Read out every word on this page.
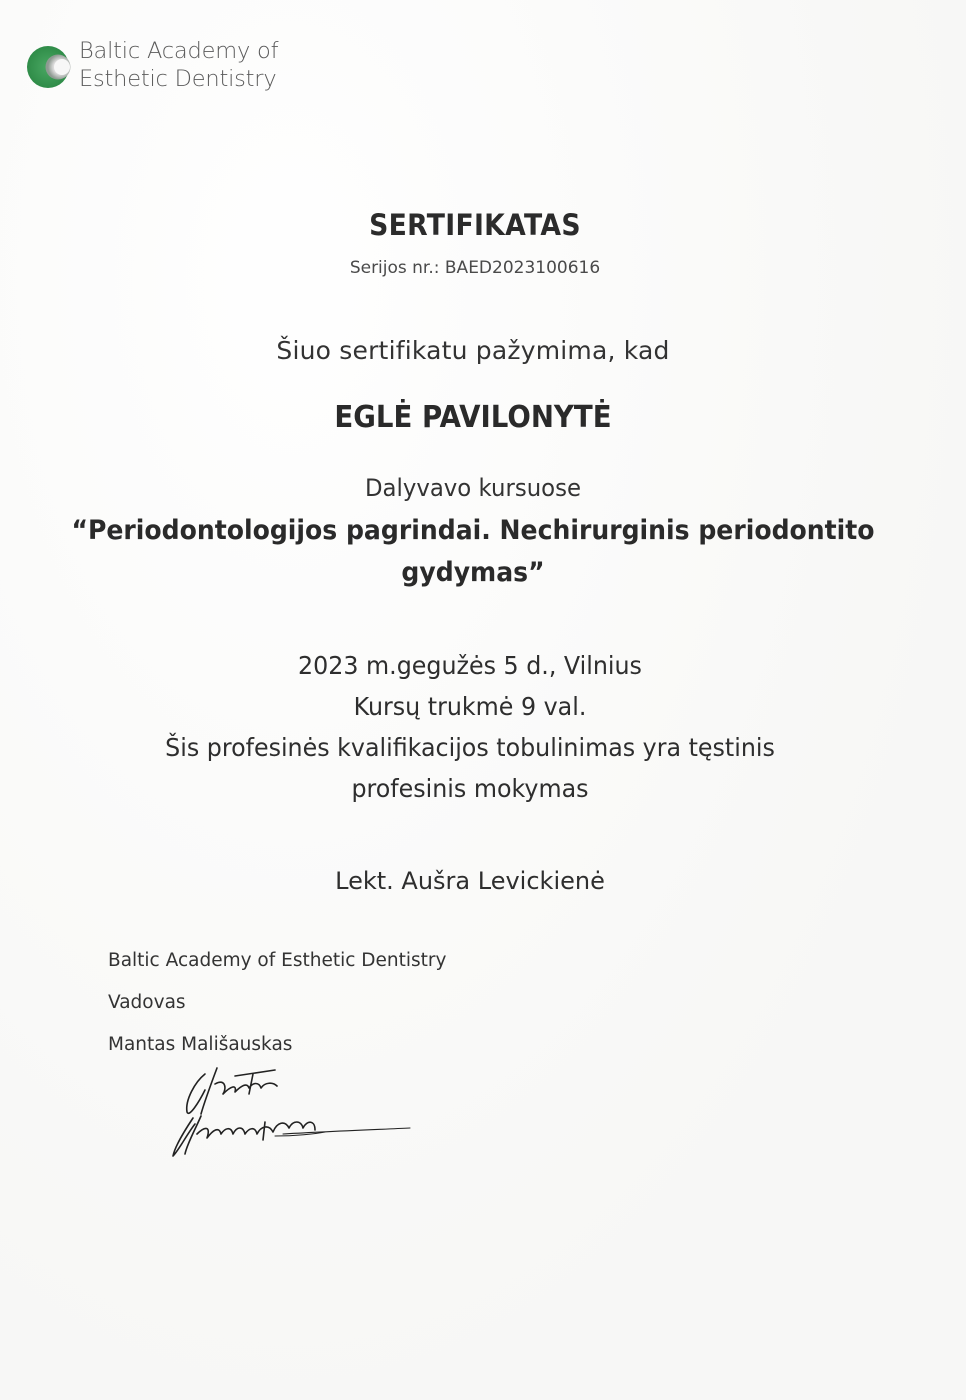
Baltic Academy of
Esthetic Dentistry
SERTIFIKATAS
Serijos nr.: BAED2023100616
Šiuo sertifikatu pažymima, kad
EGLĖ PAVILONYTĖ
Dalyvavo kursuose
“Periodontologijos pagrindai. Nechirurginis periodontito gydymas”

2023 m.gegužės 5 d., Vilnius

Kursų trukmė 9 val.

Šis profesinės kvalifikacijos tobulinimas yra tęstinis

profesinis mokymas

Lekt. Aušra Levickienė

Baltic Academy of Esthetic Dentistry

Vadovas

Mantas Mališauskas
